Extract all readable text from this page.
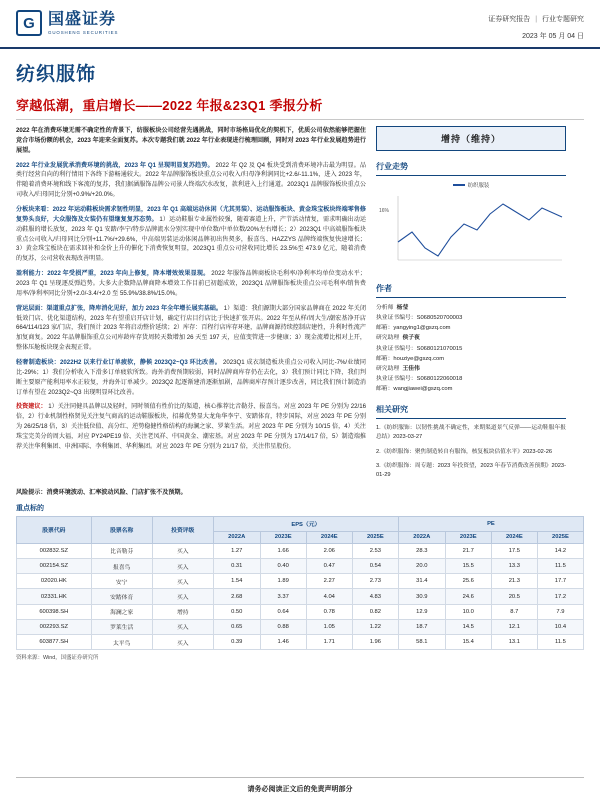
G 国盛证券
GUOSHENG SECURITIES
证券研究报告 | 行业专题研究
2023 年 05 月 04 日
纺织服饰
穿越低潮，重启增长——2022 年报&23Q1 季报分析
2022 年在消费环境无需不确定性的背景下，纺服板块公司经营先遇挑战，同时市场格局优化的契机下，优质公司依然能够把握住竞合市场份额的机会，2023 年迎来全面复苏。本次专题我们就 2022 年行业表现进行梳理回顾，同时对 2023 年行业发展趋势进行展望。
2022 年行业发展犹承消费环境的挑战，2023 年 Q1 呈现明显复苏趋势。 2022 年 Q2 及 Q4 板块受到消费环境冲击最为明显。品类行经营自向的利行情用下各终下游畅通较大。2022 年品牌服饰板块重点公司收入/归母净利润同比+2.6/-11.1%，进入 2023 年，伴随着消费环境和线下客流的复苏，我们据涵服饰品牌公司景人终端次水改复，款利进入上行通道。2023Q1 品牌服饰板块重点公司收入/归母同比分别+0.9%/+20.0%。
分板块来看：2022 年运动鞋板块需求韧性明显，2023 年 Q1 高端运动休闲（尤其男装）、运动服饰板块、黄金珠宝板块终端零售修复势头良好，大众服饰及女装仍有望继复复苏态势。 1）运动鞋服专业属性较强，随着赛道上升，产节活动情复，需求明确出动运动鞋服的增长放复，2023 年 Q1 安踏/李宁/特步品牌流水分别实现中单位数/中单位数/20%左右增长；2）2023Q1 中高端服饰板块重点公司收入/归母同比分别+11.7%/+29.6%，中高端男装运动体闲品牌初出售契多，报喜鸟、HAZZYS 品牌终端恢复快速增长；3）黄金珠宝板块在需求回补和金价上升的催化下消费恢复明显，2023Q1 重点公司营收同比增长 23.5%至 473.9 亿元，随着消费的复苏，公司营收表现改善明显。
盈利能力：2022 年受损严重，2023 年向上修复，降本增效效果显现。 2022 年服饰品牌商板块毛利率/净利率均单位变动水平；2023 年 Q1 呈现逐反弹趋势。大多大企数降品牌商降本增效工作目前已初超成效，2023Q1 品牌服饰板块重点公司毛利率/销售费用率/净利率同比分别+2.0/-3.4/+2.0 至 55.9%/38.8%/15.0%。
营运层面：渠道重点扩张，降库消化见好，加力 2023 年全年增长展实基础。 1）渠道：我们源期大部分国家品牌商在 2022 年关闭低效门店、优化渠道结构，2023 年有望重启开店计划，确定行店目行店比于快速扩张开店。2022 年至从样/周大生/潮宏基净开店 664/114/123 家/门店，我们预计 2023 年将启动整价延续；2）库存：百程行店库存环建，品牌商源持续控制店建性，升利时性流产加复商复。2022 年品牌服饰重点公司库龄库存货周转天数增加 26 天至 197 天，应值变管进一步健康；3）现金流增比相对上开，整体压舱板块现金表现正常。
轻奢制造板块：2022H2 以来行业订单疲软，静候 2023Q2~Q3 环比改善。 2023Q1 成衣制造板块重点公司收入同比-7%/业绩同比-29%；1）我们分析收入下滑多订单疲软所致。海外消费预期较弱，同时品牌商库存仍在去化，3）我们预计同比下降，我们判断主要原产能利用率水正较复，并海外订单减少。2023Q2 起逐渐建消逐渐加剧，品牌商库存预计逐步改善，同比我们预计制造消订单有望在 2023Q2~Q3 出现明显环比改善。
投资建议： 1）关注同健具品牌以及轻时，同时领值有性价比的渠道，核心推荐比音勒芬、报喜鸟。对应 2023 年 PE 分别为 22/16 倍，2）行业机制性格贤见关注复气商高的运动鞋服板块，招募优势显大龙角华李宁、安踏体育，特步国际，对应 2023 年 PE 分别为 26/25/18 倍，3）关注低位值、高分红、逆势稳健性格结构的海澜之家、罗莱生活。对应 2023 年 PE 分别为 10/15 倍，4）关注珠宝完美分的周大福，对应 PY24PE19 倍、关注老凤祥、中国黄金、潮宏基。对应 2023 年 PE 分别为 17/14/17 倍，5）制造端推荐关注华利集团、申洲国际、李利集团、华利集团。对应 2023 年 PE 分别为 21/17 倍，关注伟星股份。
增持（维持）
行业走势
纺织服装
16%
作者
分析师 杨莹
执业证书编号：S0680520700003
邮箱：yangying1@gszq.com
研究助理 侯子夜
执业证书编号：S0680121070015
邮箱：houziye@gszq.com
研究助理 王佳伟
执业证书编号：S0680122060018
邮箱：wangjiawei@gszq.com
相关研究
1.《纺织服饰：以韧性挑战不确定性，来期渠道景气反弹——运动鞋服年报总结》2023-03-27
2.《纺织服饰：聚焦制造转自有服饰，核复板块估值水平》2023-02-26
3.《纺织服饰：周专题：2023 年投资望，2023 年春节消费改善预期》2023-01-29
风险提示：消费环境波动、汇率波动风险、门店扩张不及预期。
重点标的
股票代码	股票名称	投资评级	EPS（元）				PE			
			2022A	2023E	2024E	2025E	2022A	2023E	2024E	2025E
002832.SZ	比音勒芬	买入	1.27	1.66	2.06	2.53	28.3	21.7	17.5	14.2
002154.SZ	报喜鸟	买入	0.31	0.40	0.47	0.54	20.0	15.5	13.3	11.5
02020.HK	安宁	买入	1.54	1.89	2.27	2.73	31.4	25.6	21.3	17.7
02331.HK	安踏体育	买入	2.68	3.37	4.04	4.83	30.9	24.6	20.5	17.2
600398.SH	海澜之家	增持	0.50	0.64	0.78	0.82	12.9	10.0	8.7	7.9
002293.SZ	罗莱生活	买入	0.65	0.88	1.05	1.22	18.7	14.5	12.1	10.4
603877.SH	太平鸟	买入	0.39	1.46	1.71	1.96	58.1	15.4	13.1	11.5
资料来源：Wind，国盛证券研究所
请务必阅读正文后的免责声明部分
